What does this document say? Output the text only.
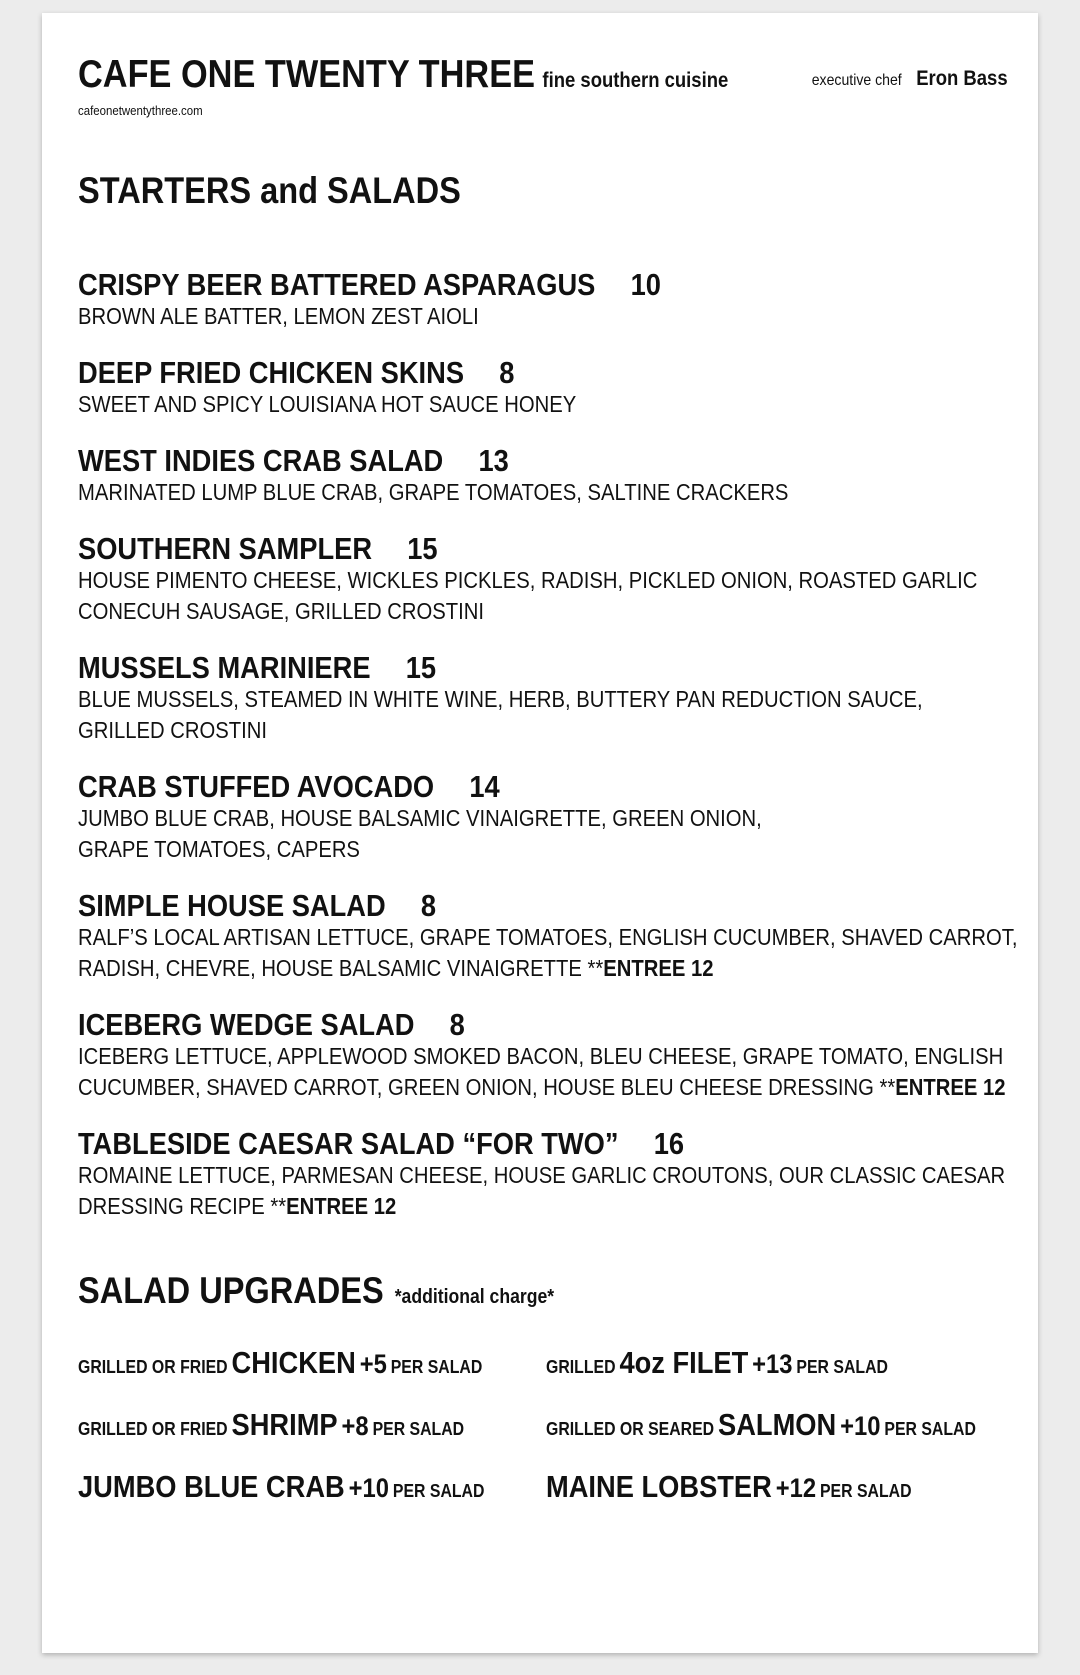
CAFE ONE TWENTY THREE fine southern cuisine	executive chef Eron Bass
cafeonetwentythree.com
STARTERS and SALADS
CRISPY BEER BATTERED ASPARAGUS 10
BROWN ALE BATTER, LEMON ZEST AIOLI
DEEP FRIED CHICKEN SKINS 8
SWEET AND SPICY LOUISIANA HOT SAUCE HONEY
WEST INDIES CRAB SALAD 13
MARINATED LUMP BLUE CRAB, GRAPE TOMATOES, SALTINE CRACKERS
SOUTHERN SAMPLER 15
HOUSE PIMENTO CHEESE, WICKLES PICKLES, RADISH, PICKLED ONION, ROASTED GARLIC
CONECUH SAUSAGE, GRILLED CROSTINI
MUSSELS MARINIERE 15
BLUE MUSSELS, STEAMED IN WHITE WINE, HERB, BUTTERY PAN REDUCTION SAUCE,
GRILLED CROSTINI
CRAB STUFFED AVOCADO 14
JUMBO BLUE CRAB, HOUSE BALSAMIC VINAIGRETTE, GREEN ONION,
GRAPE TOMATOES, CAPERS
SIMPLE HOUSE SALAD 8
RALF’S LOCAL ARTISAN LETTUCE, GRAPE TOMATOES, ENGLISH CUCUMBER, SHAVED CARROT,
RADISH, CHEVRE, HOUSE BALSAMIC VINAIGRETTE **ENTREE 12
ICEBERG WEDGE SALAD 8
ICEBERG LETTUCE, APPLEWOOD SMOKED BACON, BLEU CHEESE, GRAPE TOMATO, ENGLISH
CUCUMBER, SHAVED CARROT, GREEN ONION, HOUSE BLEU CHEESE DRESSING **ENTREE 12
TABLESIDE CAESAR SALAD “FOR TWO” 16
ROMAINE LETTUCE, PARMESAN CHEESE, HOUSE GARLIC CROUTONS, OUR CLASSIC CAESAR
DRESSING RECIPE **ENTREE 12
SALAD UPGRADES *additional charge*
GRILLED OR FRIED CHICKEN +5 PER SALAD	GRILLED 4oz FILET +13 PER SALAD
GRILLED OR FRIED SHRIMP +8 PER SALAD	GRILLED OR SEARED SALMON +10 PER SALAD
JUMBO BLUE CRAB +10 PER SALAD	MAINE LOBSTER +12 PER SALAD
